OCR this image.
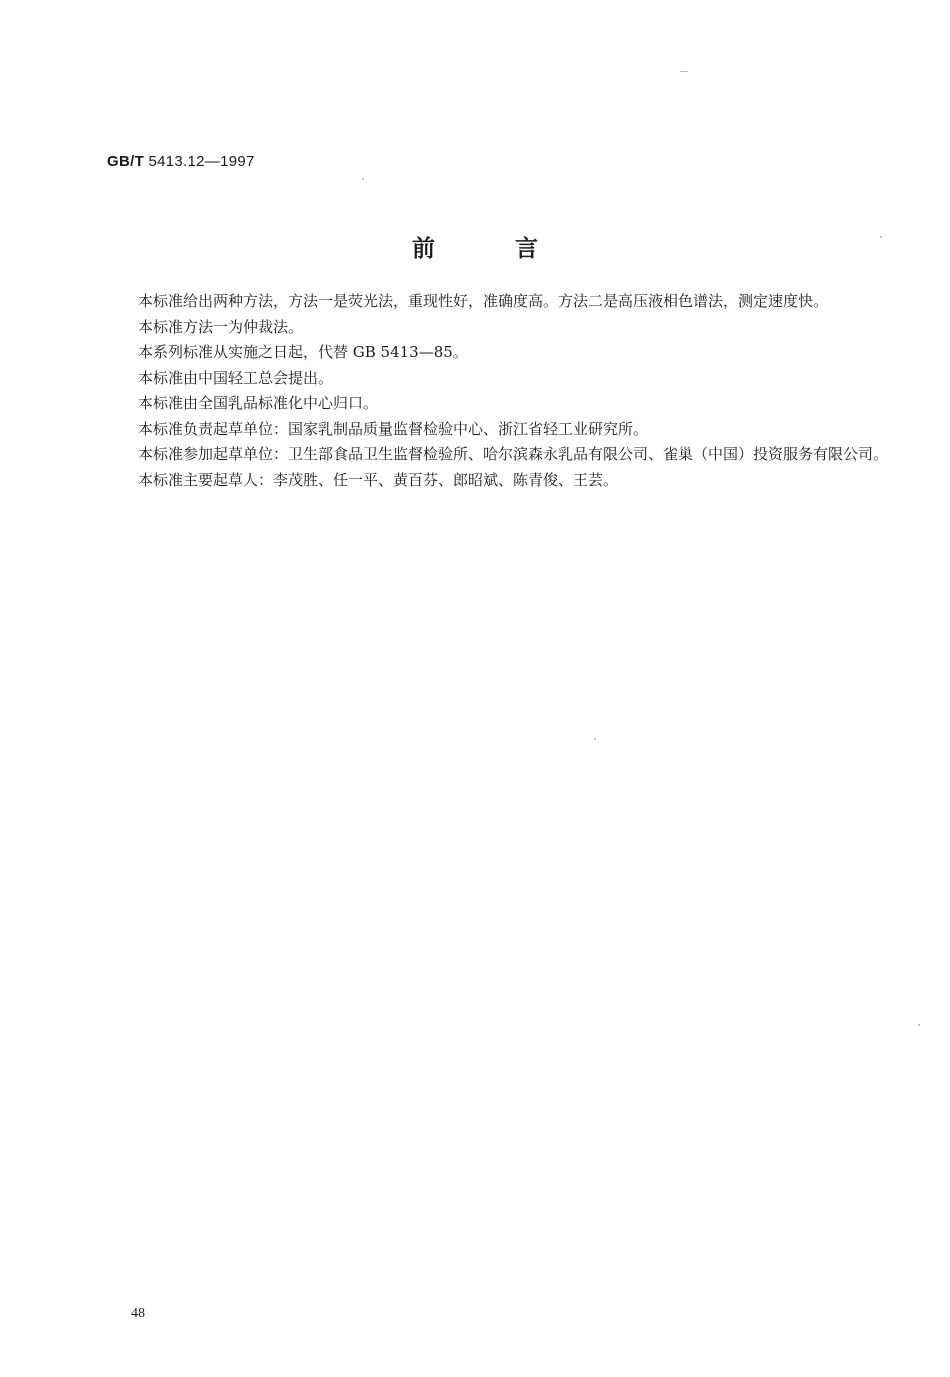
GB/T 5413.12—1997
前言

本标准给出两种方法，方法一是荧光法，重现性好，准确度高。方法二是高压液相色谱法，测定速度快。

本标准方法一为仲裁法。

本系列标准从实施之日起，代替 GB 5413—85。

本标准由中国轻工总会提出。

本标准由全国乳品标准化中心归口。

本标准负责起草单位：国家乳制品质量监督检验中心、浙江省轻工业研究所。

本标准参加起草单位：卫生部食品卫生监督检验所、哈尔滨森永乳品有限公司、雀巢（中国）投资服务有限公司。

本标准主要起草人：李茂胜、任一平、黄百芬、郎昭斌、陈青俊、王芸。

48
